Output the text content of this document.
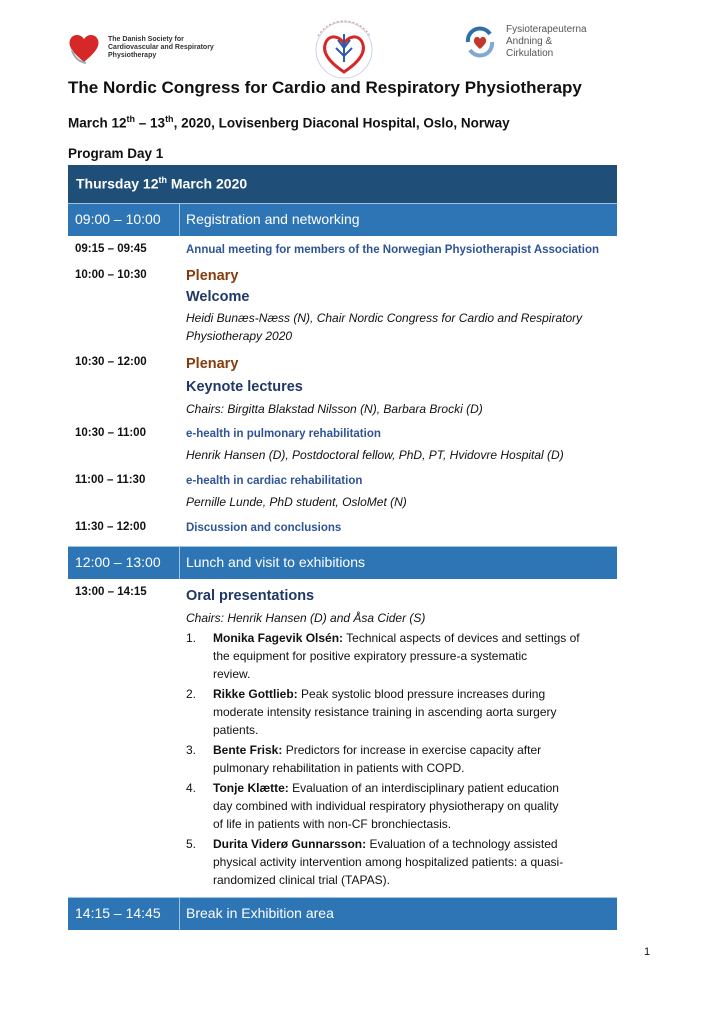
The Danish Society for Cardiovascular and Respiratory Physiotherapy
Fysioterapeuterna
Andning &
Cirkulation
The Nordic Congress for Cardio and Respiratory Physiotherapy
March 12th – 13th, 2020, Lovisenberg Diaconal Hospital, Oslo, Norway
Program Day 1
Thursday 12th March 2020
09:00 – 10:00	Registration and networking
09:15 – 09:45	Annual meeting for members of the Norwegian Physiotherapist Association
10:00 – 10:30	Plenary
Welcome
Heidi Bunæs-Næss (N), Chair Nordic Congress for Cardio and Respiratory Physiotherapy 2020
10:30 – 12:00	Plenary
Keynote lectures
Chairs: Birgitta Blakstad Nilsson (N), Barbara Brocki (D)
10:30 – 11:00	e-health in pulmonary rehabilitation
Henrik Hansen (D), Postdoctoral fellow, PhD, PT, Hvidovre Hospital (D)
11:00 – 11:30	e-health in cardiac rehabilitation
Pernille Lunde, PhD student, OsloMet (N)
11:30 – 12:00	Discussion and conclusions
12:00 – 13:00	Lunch and visit to exhibitions
13:00 – 14:15	Oral presentations
Chairs: Henrik Hansen (D) and Åsa Cider (S)
1.	Monika Fagevik Olsén: Technical aspects of devices and settings of
the equipment for positive expiratory pressure-a systematic
review.
2.	Rikke Gottlieb: Peak systolic blood pressure increases during
moderate intensity resistance training in ascending aorta surgery
patients.
3.	Bente Frisk: Predictors for increase in exercise capacity after
pulmonary rehabilitation in patients with COPD.
4.	Tonje Klætte: Evaluation of an interdisciplinary patient education
day combined with individual respiratory physiotherapy on quality
of life in patients with non-CF bronchiectasis.
5.	Durita Viderø Gunnarsson: Evaluation of a technology assisted
physical activity intervention among hospitalized patients: a quasi-
randomized clinical trial (TAPAS).
14:15 – 14:45	Break in Exhibition area
1
